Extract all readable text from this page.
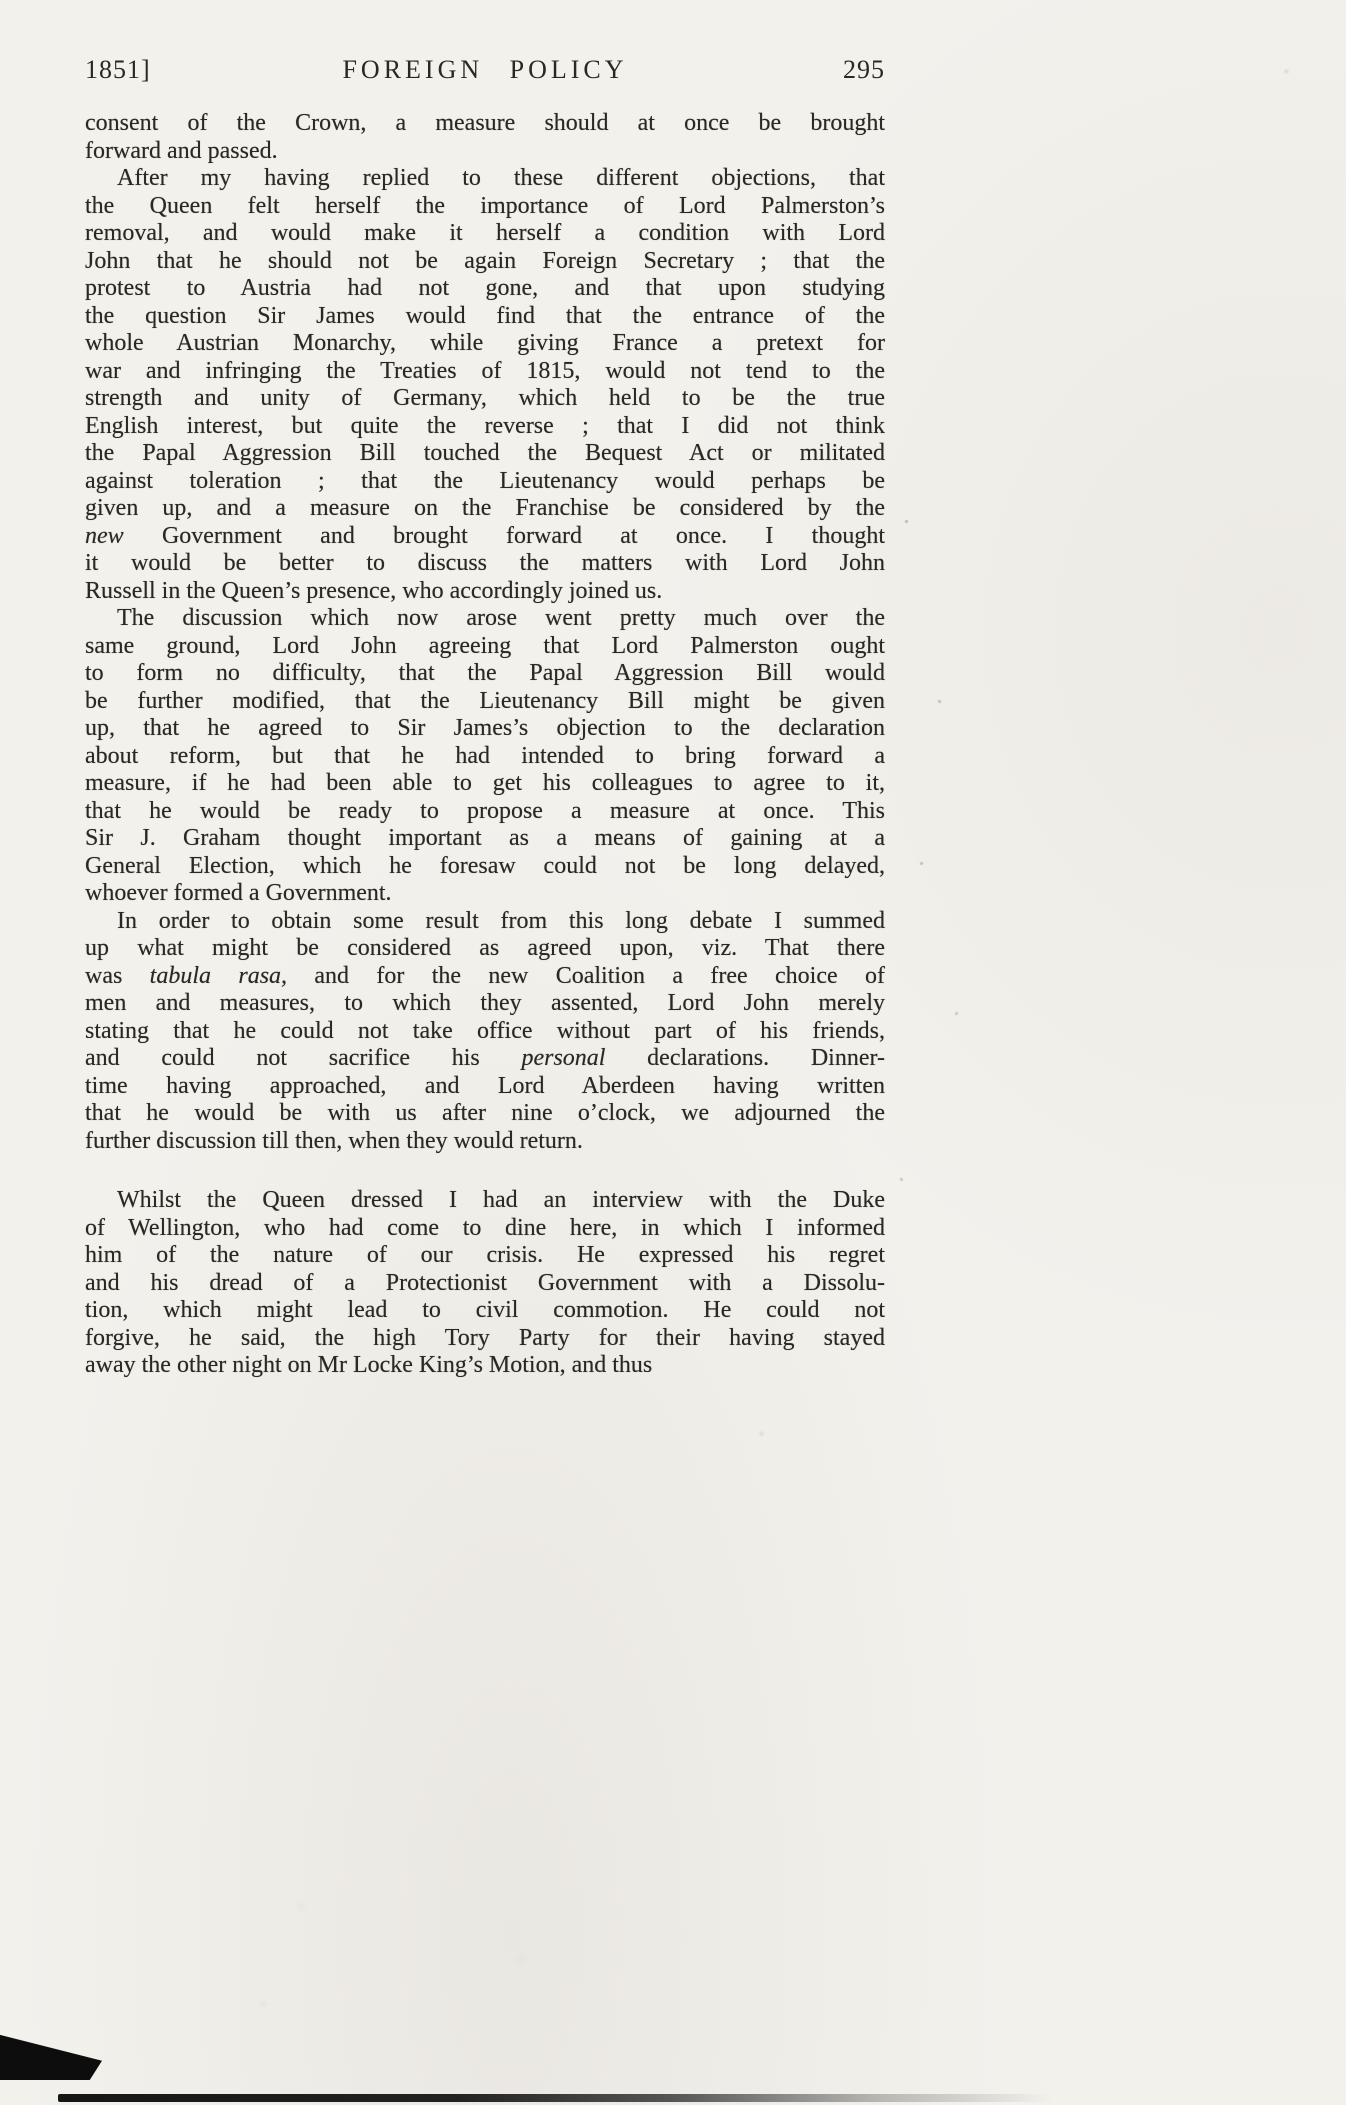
1851]	FOREIGN POLICY	295
consent of the Crown, a measure should at once be brought
forward and passed.
After my having replied to these different objections, that
the Queen felt herself the importance of Lord Palmerston’s
removal, and would make it herself a condition with Lord
John that he should not be again Foreign Secretary ; that the
protest to Austria had not gone, and that upon studying
the question Sir James would find that the entrance of the
whole Austrian Monarchy, while giving France a pretext for
war and infringing the Treaties of 1815, would not tend to the
strength and unity of Germany, which held to be the true
English interest, but quite the reverse ; that I did not think
the Papal Aggression Bill touched the Bequest Act or militated
against toleration ; that the Lieutenancy would perhaps be
given up, and a measure on the Franchise be considered by the
new Government and brought forward at once. I thought
it would be better to discuss the matters with Lord John
Russell in the Queen’s presence, who accordingly joined us.
The discussion which now arose went pretty much over the
same ground, Lord John agreeing that Lord Palmerston ought
to form no difficulty, that the Papal Aggression Bill would
be further modified, that the Lieutenancy Bill might be given
up, that he agreed to Sir James’s objection to the declaration
about reform, but that he had intended to bring forward a
measure, if he had been able to get his colleagues to agree to it,
that he would be ready to propose a measure at once. This
Sir J. Graham thought important as a means of gaining at a
General Election, which he foresaw could not be long delayed,
whoever formed a Government.
In order to obtain some result from this long debate I summed
up what might be considered as agreed upon, viz. That there
was tabula rasa, and for the new Coalition a free choice of
men and measures, to which they assented, Lord John merely
stating that he could not take office without part of his friends,
and could not sacrifice his personal declarations. Dinner-
time having approached, and Lord Aberdeen having written
that he would be with us after nine o’clock, we adjourned the
further discussion till then, when they would return.
Whilst the Queen dressed I had an interview with the Duke
of Wellington, who had come to dine here, in which I informed
him of the nature of our crisis. He expressed his regret
and his dread of a Protectionist Government with a Dissolu-
tion, which might lead to civil commotion. He could not
forgive, he said, the high Tory Party for their having stayed
away the other night on Mr Locke King’s Motion, and thus
